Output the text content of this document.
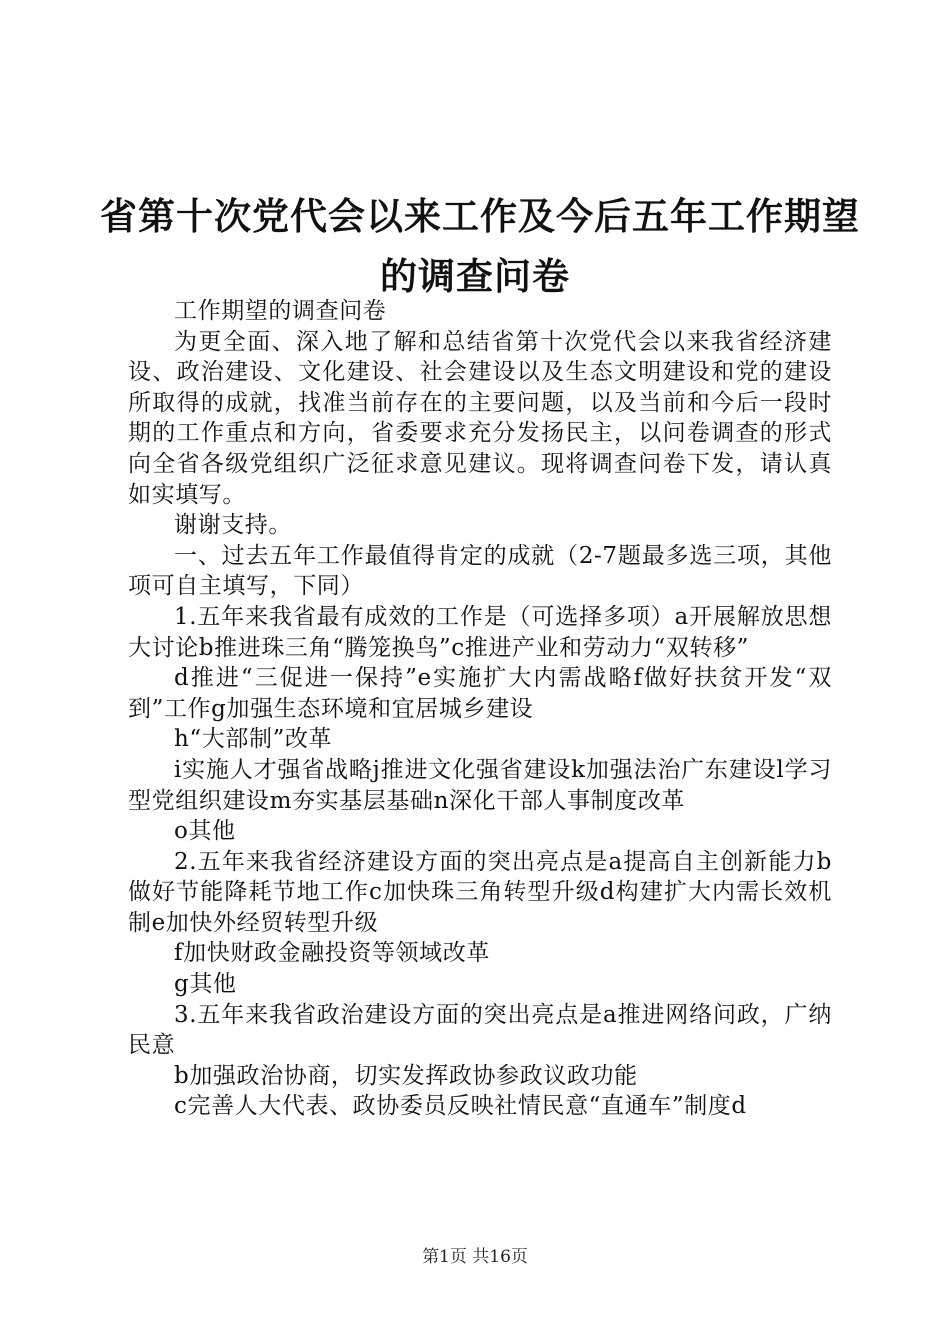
省第十次党代会以来工作及今后五年工作期望
的调查问卷

工作期望的调查问卷

为更全面、深入地了解和总结省第十次党代会以来我省经济建设、政治建设、文化建设、社会建设以及生态文明建设和党的建设所取得的成就，找准当前存在的主要问题，以及当前和今后一段时期的工作重点和方向，省委要求充分发扬民主，以问卷调查的形式向全省各级党组织广泛征求意见建议。现将调查问卷下发，请认真如实填写。

谢谢支持。

一、过去五年工作最值得肯定的成就（2-7题最多选三项，其他项可自主填写，下同）

1.五年来我省最有成效的工作是（可选择多项）a开展解放思想大讨论b推进珠三角“腾笼换鸟”c推进产业和劳动力“双转移”

d推进“三促进一保持”e实施扩大内需战略f做好扶贫开发“双到”工作g加强生态环境和宜居城乡建设

h“大部制”改革

i实施人才强省战略j推进文化强省建设k加强法治广东建设l学习型党组织建设m夯实基层基础n深化干部人事制度改革

o其他

2.五年来我省经济建设方面的突出亮点是a提高自主创新能力b做好节能降耗节地工作c加快珠三角转型升级d构建扩大内需长效机制e加快外经贸转型升级

f加快财政金融投资等领域改革

g其他

3.五年来我省政治建设方面的突出亮点是a推进网络问政，广纳民意

b加强政治协商，切实发挥政协参政议政功能

c完善人大代表、政协委员反映社情民意“直通车”制度d

第1页 共16页
